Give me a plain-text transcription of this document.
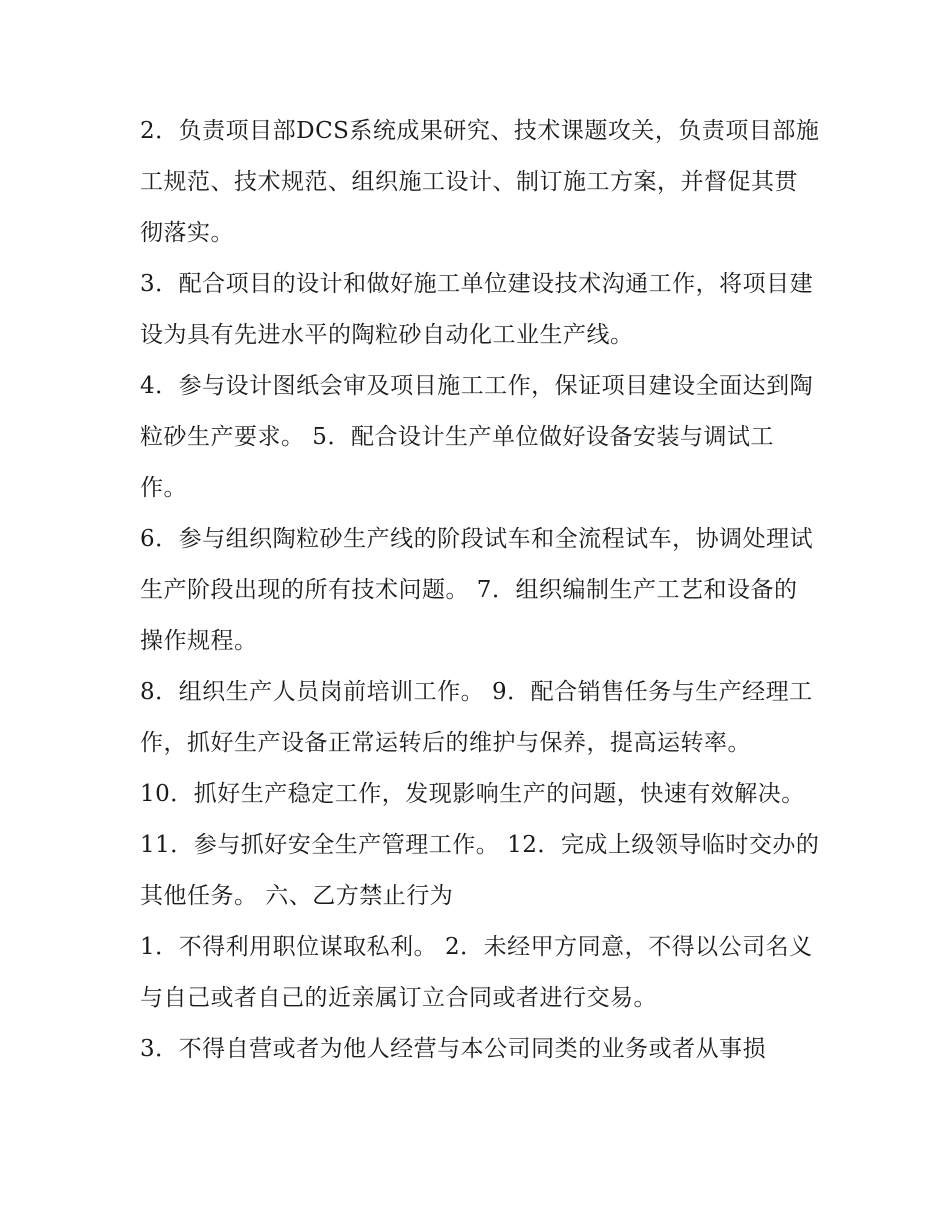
2．负责项目部DCS系统成果研究、技术课题攻关，负责项目部施工规范、技术规范、组织施工设计、制订施工方案，并督促其贯彻落实。

3．配合项目的设计和做好施工单位建设技术沟通工作，将项目建设为具有先进水平的陶粒砂自动化工业生产线。

4．参与设计图纸会审及项目施工工作，保证项目建设全面达到陶粒砂生产要求。 5．配合设计生产单位做好设备安装与调试工作。

6．参与组织陶粒砂生产线的阶段试车和全流程试车，协调处理试生产阶段出现的所有技术问题。 7．组织编制生产工艺和设备的操作规程。

8．组织生产人员岗前培训工作。 9．配合销售任务与生产经理工作，抓好生产设备正常运转后的维护与保养，提高运转率。

10．抓好生产稳定工作，发现影响生产的问题，快速有效解决。 11．参与抓好安全生产管理工作。 12．完成上级领导临时交办的其他任务。 六、乙方禁止行为

1．不得利用职位谋取私利。 2．未经甲方同意，不得以公司名义与自己或者自己的近亲属订立合同或者进行交易。

3．不得自营或者为他人经营与本公司同类的业务或者从事损
